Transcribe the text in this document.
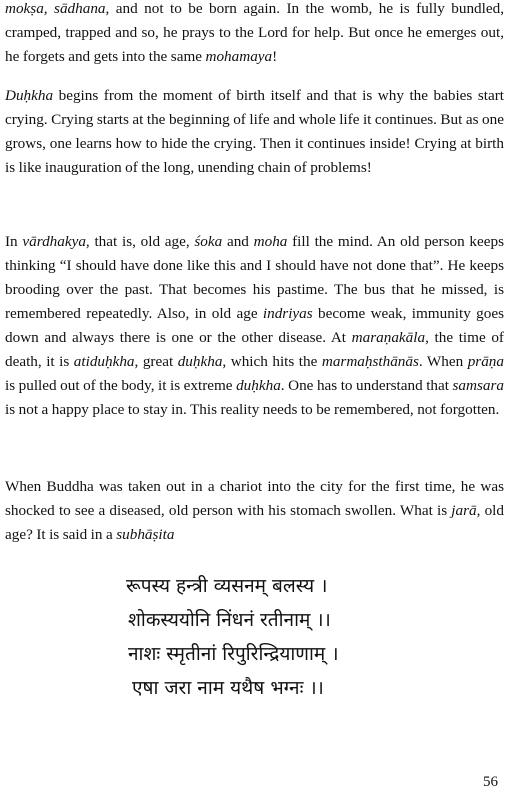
mokṣa, sādhana, and not to be born again. In the womb, he is fully bundled, cramped, trapped and so, he prays to the Lord for help. But once he emerges out, he forgets and gets into the same mohamaya!
Duḥkha begins from the moment of birth itself and that is why the babies start crying. Crying starts at the beginning of life and whole life it continues. But as one grows, one learns how to hide the crying. Then it continues inside! Crying at birth is like inauguration of the long, unending chain of problems!
In vārdhakya, that is, old age, śoka and moha fill the mind. An old person keeps thinking “I should have done like this and I should have not done that”. He keeps brooding over the past. That becomes his pastime. The bus that he missed, is remembered repeatedly. Also, in old age indriyas become weak, immunity goes down and always there is one or the other disease. At maraṇakāla, the time of death, it is atiduḥkha, great duḥkha, which hits the marmaḥsthānās. When prāṇa is pulled out of the body, it is extreme duḥkha. One has to understand that samsara is not a happy place to stay in. This reality needs to be remembered, not forgotten.
When Buddha was taken out in a chariot into the city for the first time, he was shocked to see a diseased, old person with his stomach swollen. What is jarā, old age? It is said in a subhāṣita
रूपस्य हन्त्री व्यसनम् बलस्य ।
शोकस्ययोनि निंधनं रतीनाम् ।।
नाशः स्मृतीनां रिपुरिन्द्रियाणाम् ।
एषा जरा नाम यथैष भग्नः ।।
56
